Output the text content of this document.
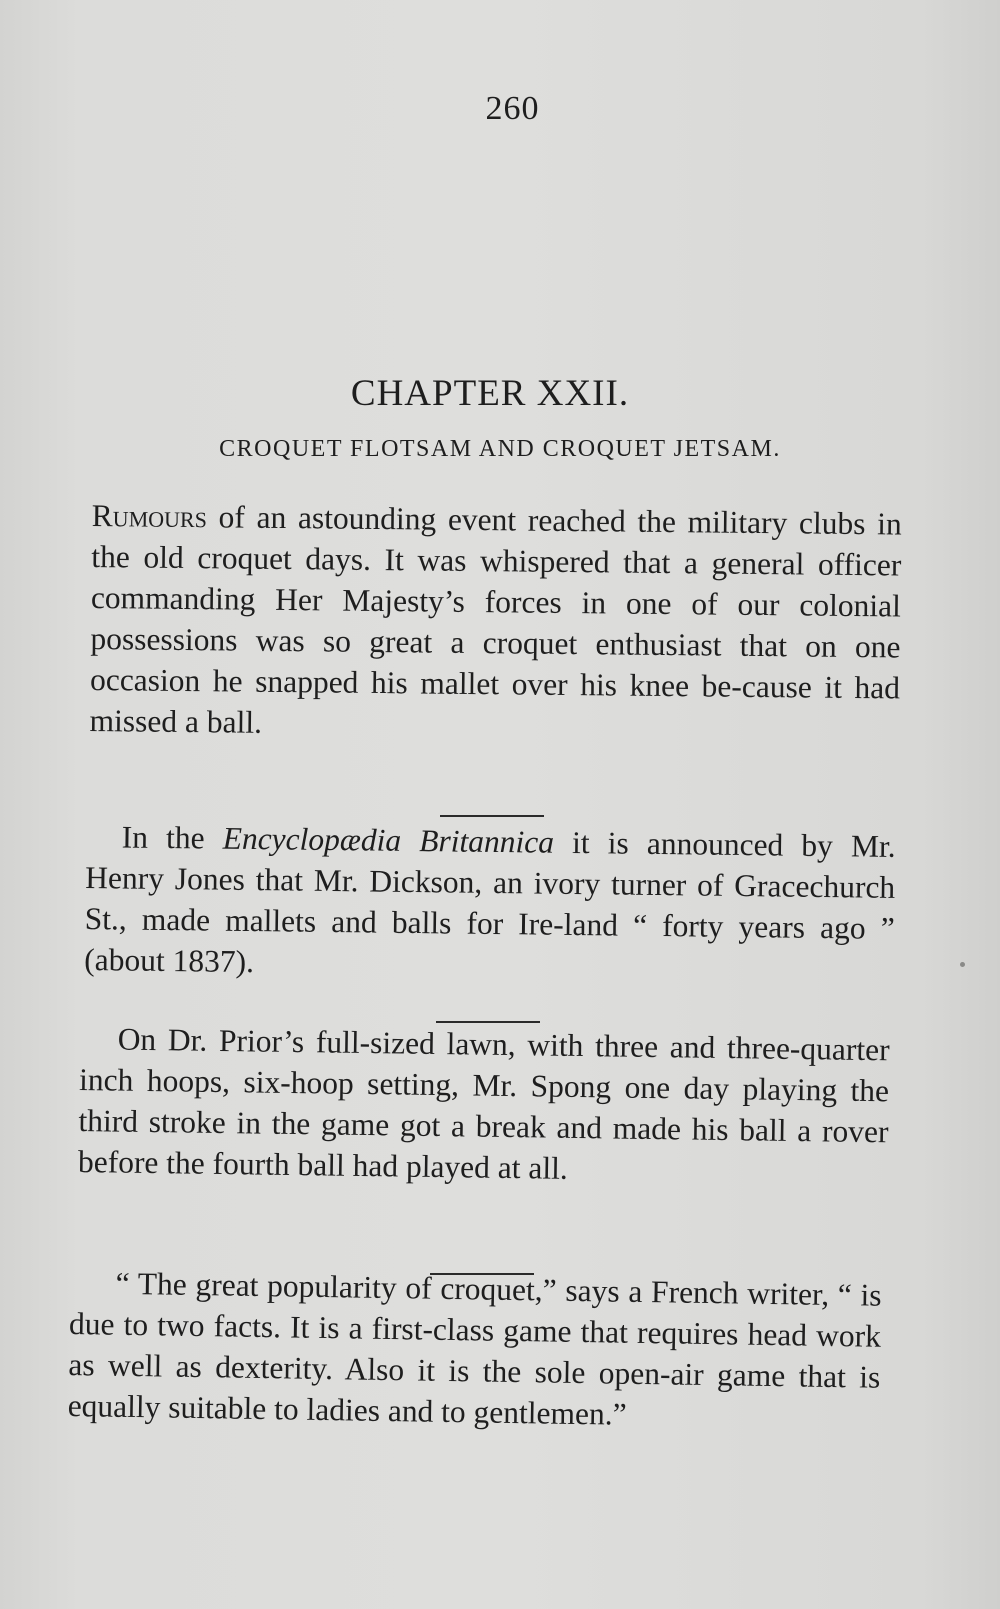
260
CHAPTER XXII.
CROQUET FLOTSAM AND CROQUET JETSAM.

Rumours of an astounding event reached the military clubs in the old croquet days. It was whispered that a general officer commanding Her Majesty’s forces in one of our colonial possessions was so great a croquet enthusiast that on one occasion he snapped his mallet over his knee be-cause it had missed a ball.

In the Encyclopædia Britannica it is announced by Mr. Henry Jones that Mr. Dickson, an ivory turner of Gracechurch St., made mallets and balls for Ire-land “ forty years ago ” (about 1837).

On Dr. Prior’s full-sized lawn, with three and three-quarter inch hoops, six-hoop setting, Mr. Spong one day playing the third stroke in the game got a break and made his ball a rover before the fourth ball had played at all.

“ The great popularity of croquet,” says a French writer, “ is due to two facts. It is a first-class game that requires head work as well as dexterity. Also it is the sole open-air game that is equally suitable to ladies and to gentlemen.”
